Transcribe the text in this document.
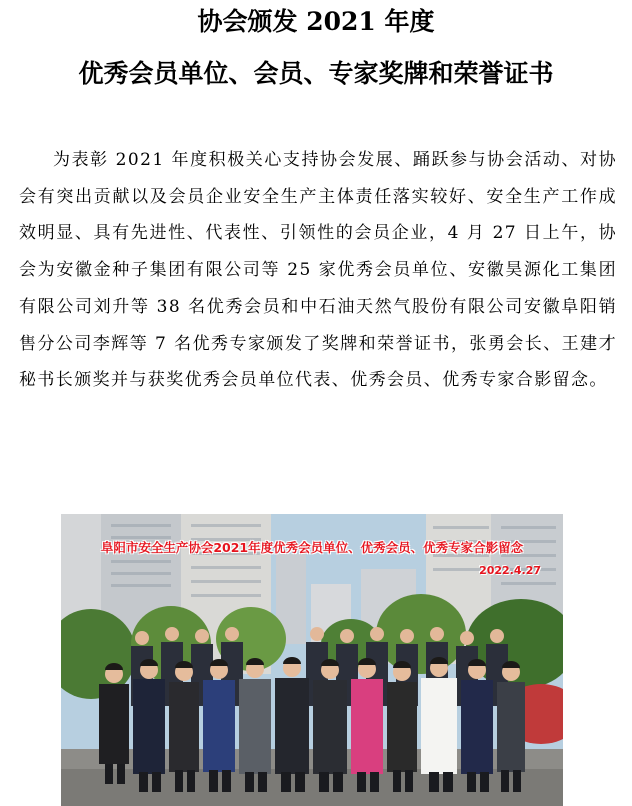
协会颁发 2021 年度
优秀会员单位、会员、专家奖牌和荣誉证书

为表彰 2021 年度积极关心支持协会发展、踊跃参与协会活动、对协会有突出贡献以及会员企业安全生产主体责任落实较好、安全生产工作成效明显、具有先进性、代表性、引领性的会员企业，4 月 27 日上午，协会为安徽金种子集团有限公司等 25 家优秀会员单位、安徽昊源化工集团有限公司刘升等 38 名优秀会员和中石油天然气股份有限公司安徽阜阳销售分公司李辉等 7 名优秀专家颁发了奖牌和荣誉证书，张勇会长、王建才秘书长颁奖并与获奖优秀会员单位代表、优秀会员、优秀专家合影留念。

阜阳市安全生产协会2021年度优秀会员单位、优秀会员、优秀专家合影留念
2022.4.27
